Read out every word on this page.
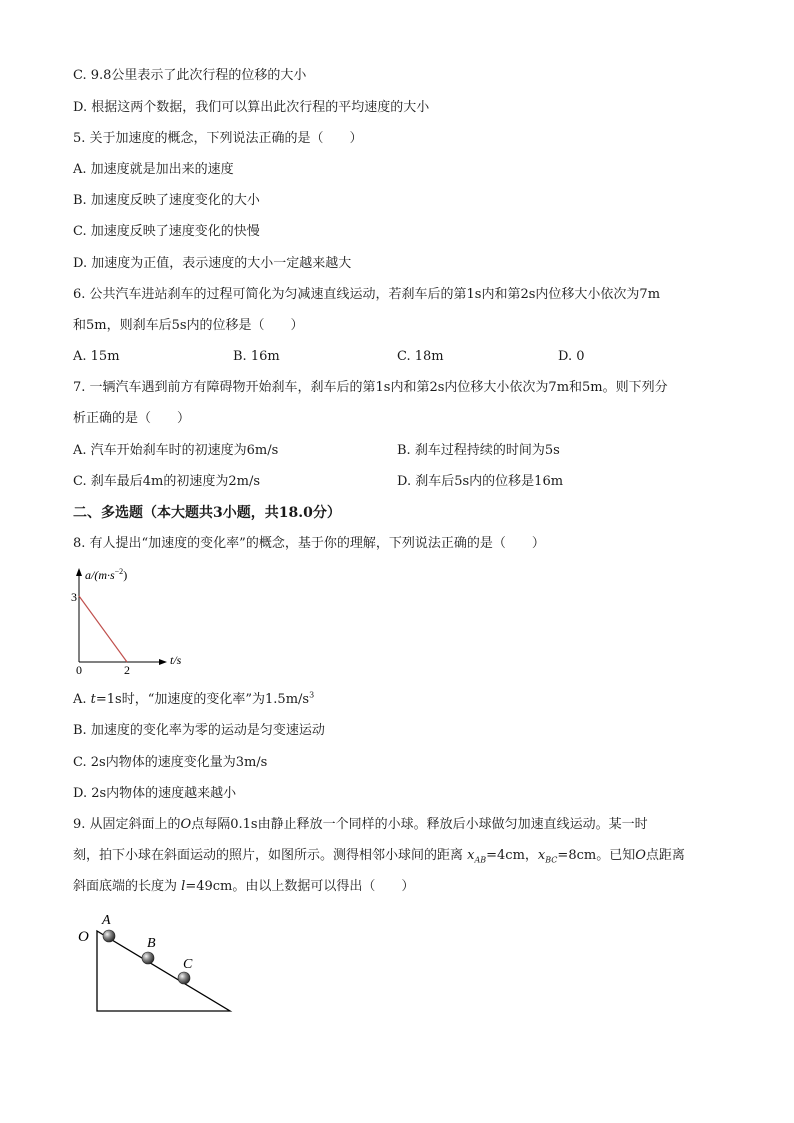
C. 9.8公里表示了此次行程的位移的大小
D. 根据这两个数据，我们可以算出此次行程的平均速度的大小
5. 关于加速度的概念，下列说法正确的是（　　）
A. 加速度就是加出来的速度
B. 加速度反映了速度变化的大小
C. 加速度反映了速度变化的快慢
D. 加速度为正值，表示速度的大小一定越来越大
6. 公共汽车进站刹车的过程可简化为匀减速直线运动，若刹车后的第1s内和第2s内位移大小依次为7m
和5m，则刹车后5s内的位移是（　　）
A. 15m	B. 16m	C. 18m	D. 0
7. 一辆汽车遇到前方有障碍物开始刹车，刹车后的第1s内和第2s内位移大小依次为7m和5m。则下列分
析正确的是（　　）
A. 汽车开始刹车时的初速度为6m/s	B. 刹车过程持续的时间为5s
C. 刹车最后4m的初速度为2m/s	D. 刹车后5s内的位移是16m
二、多选题（本大题共3小题，共18.0分）
8. 有人提出“加速度的变化率”的概念，基于你的理解，下列说法正确的是（　　）
3
0	2
$a/(m\cdot s^{-2})$
t/s
A. t=1s时，“加速度的变化率”为$1.5m/s^3$
B. 加速度的变化率为零的运动是匀变速运动
C. 2s内物体的速度变化量为3m/s
D. 2s内物体的速度越来越小
9. 从固定斜面上的O点每隔0.1s由静止释放一个同样的小球。释放后小球做匀加速直线运动。某一时
刻，拍下小球在斜面运动的照片，如图所示。测得相邻小球间的距离 $x_{AB}=4cm$，$x_{BC}=8cm$。已知O点距离
斜面底端的长度为 l=49cm。由以上数据可以得出（　　）
O
A
B
C
